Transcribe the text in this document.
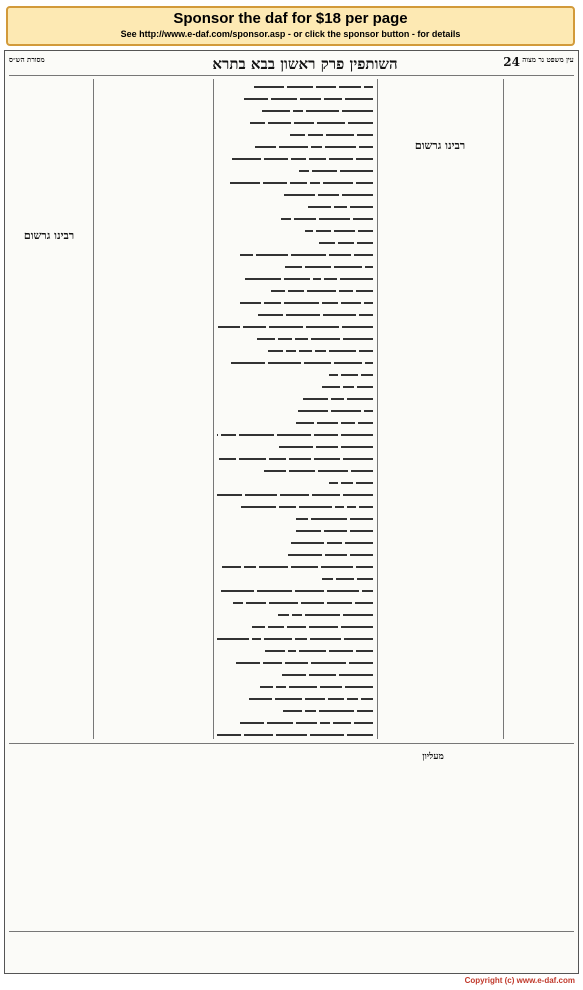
Sponsor the daf for $18 per page
See http://www.e-daf.com/sponsor.asp - or click the sponsor button - for details
מסורת הש״ס	השותפין פרק ראשון בבא בתרא	24 עין משפט נר מצוה
רבינו גרשום
רבינו גרשום
מעליון
Copyright (c) www.e-daf.com
